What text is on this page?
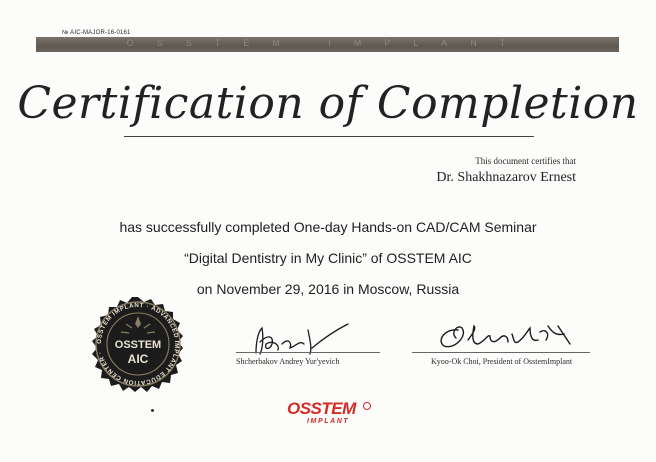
№ AIC-MAJOR-16-0161
OSSTEM IMPLANT
Certification of Completion
This document certifies that
Dr. Shakhnazarov Ernest
has successfully completed One-day Hands-on CAD/CAM Seminar
“Digital Dentistry in My Clinic” of OSSTEM AIC
on November 29, 2016 in Moscow, Russia
OSSTEM IMPLANT · ADVANCED IMPLANT EDUCATION CENTER ·
OSSTEM
AIC	Shcherbakov Andrey Yur'yevich	Kyoo-Ok Choi, President of OsstemImplant
OSSTEM
IMPLANT
